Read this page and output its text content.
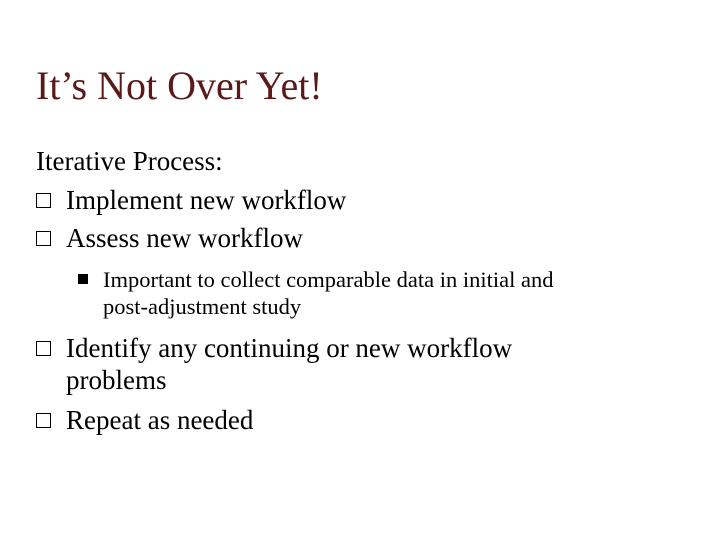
It’s Not Over Yet!

Iterative Process:

Implement new workflow

Assess new workflow

Important to collect comparable data in initial and
post-adjustment study

Identify any continuing or new workflow
problems

Repeat as needed
